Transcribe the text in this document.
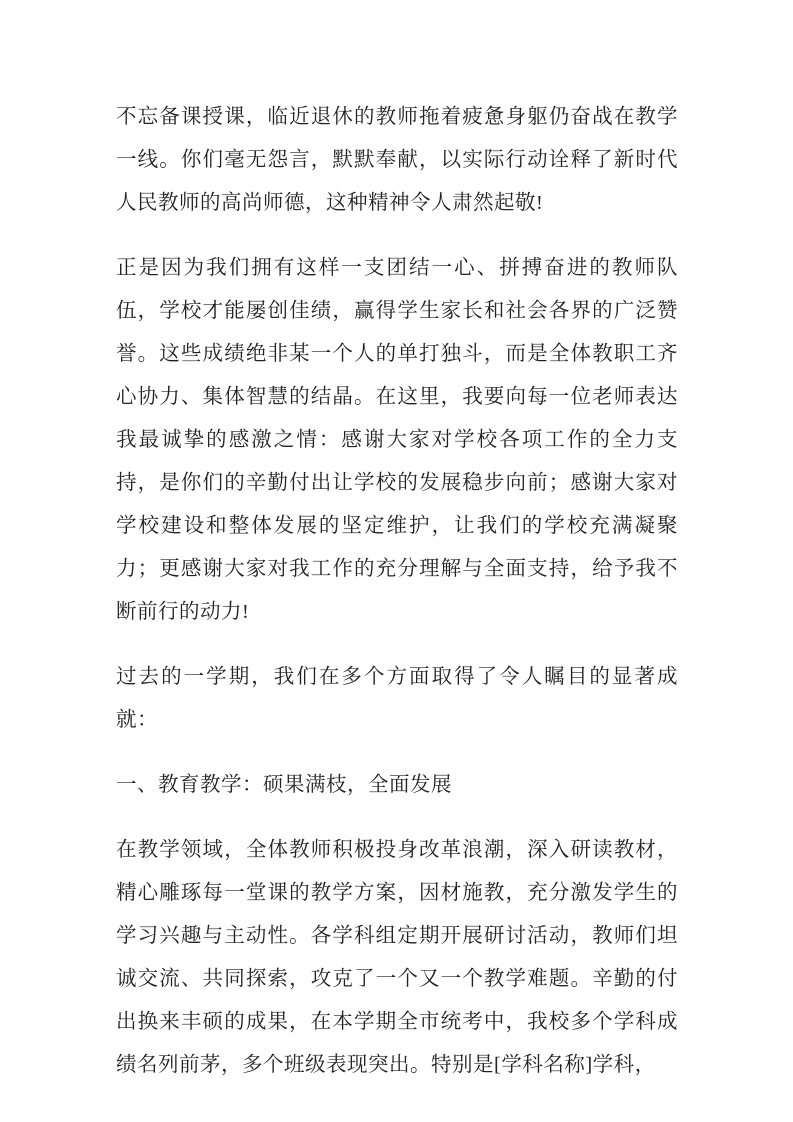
不忘备课授课，临近退休的教师拖着疲惫身躯仍奋战在教学一线。你们毫无怨言，默默奉献，以实际行动诠释了新时代人民教师的高尚师德，这种精神令人肃然起敬!

正是因为我们拥有这样一支团结一心、拼搏奋进的教师队伍，学校才能屡创佳绩，赢得学生家长和社会各界的广泛赞誉。这些成绩绝非某一个人的单打独斗，而是全体教职工齐心协力、集体智慧的结晶。在这里，我要向每一位老师表达我最诚挚的感激之情：感谢大家对学校各项工作的全力支持，是你们的辛勤付出让学校的发展稳步向前；感谢大家对学校建设和整体发展的坚定维护，让我们的学校充满凝聚力；更感谢大家对我工作的充分理解与全面支持，给予我不断前行的动力!

过去的一学期，我们在多个方面取得了令人瞩目的显著成就：

一、教育教学：硕果满枝，全面发展

在教学领域，全体教师积极投身改革浪潮，深入研读教材，精心雕琢每一堂课的教学方案，因材施教，充分激发学生的学习兴趣与主动性。各学科组定期开展研讨活动，教师们坦诚交流、共同探索，攻克了一个又一个教学难题。辛勤的付出换来丰硕的成果，在本学期全市统考中，我校多个学科成绩名列前茅，多个班级表现突出。特别是[学科名称]学科，
